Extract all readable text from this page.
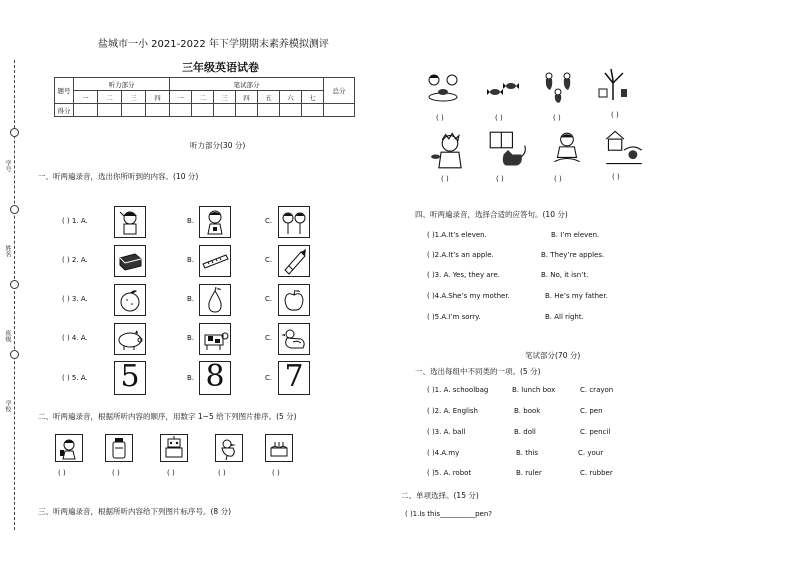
学号
姓名
班级
学校
盐城市一小 2021-2022 年下学期期末素养模拟测评
三年级英语试卷
题号	听力部分				笔试部分							总分
	一	二	三	四	一	二	三	四	五	六	七	
得分												
听力部分(30 分)
一、听两遍录音，选出你所听到的内容。(10 分)
( ) 1. A.	B.	C.
( ) 2. A.	B.	C.
( ) 3. A.	B.	C.
( ) 4. A.	B.	C.
( ) 5. A. 5	B. 8	C. 7
二、听两遍录音，根据所听内容的顺序，用数字 1~5 给下列图片排序。(5 分)
( )	( )	( )	( )	( )
三、听两遍录音，根据所听内容给下列图片标序号。(8 分)
( )	( )	( )	( )
( )	( )	( )	( )
四、听两遍录音，选择合适的应答句。(10 分)
( )1.A.It’s eleven.	B. I’m eleven.
( )2.A.It’s an apple.	B. They’re apples.
( )3. A. Yes, they are.	B. No, it isn’t.
( )4.A.She’s my mother.	B. He’s my father.
( )5.A.I’m sorry.	B. All right.
笔试部分(70 分)
一、选出每组中不同类的一项。(5 分)
( )1. A. schoolbag	B. lunch box	C. crayon
( )2. A. English	B. book	C. pen
( )3. A. ball	B. doll	C. pencil
( )4.A.my	B. this	C. your
( )5. A. robot	B. ruler	C. rubber
二、单项选择。(15 分)
( )1.Is this__________pen?
